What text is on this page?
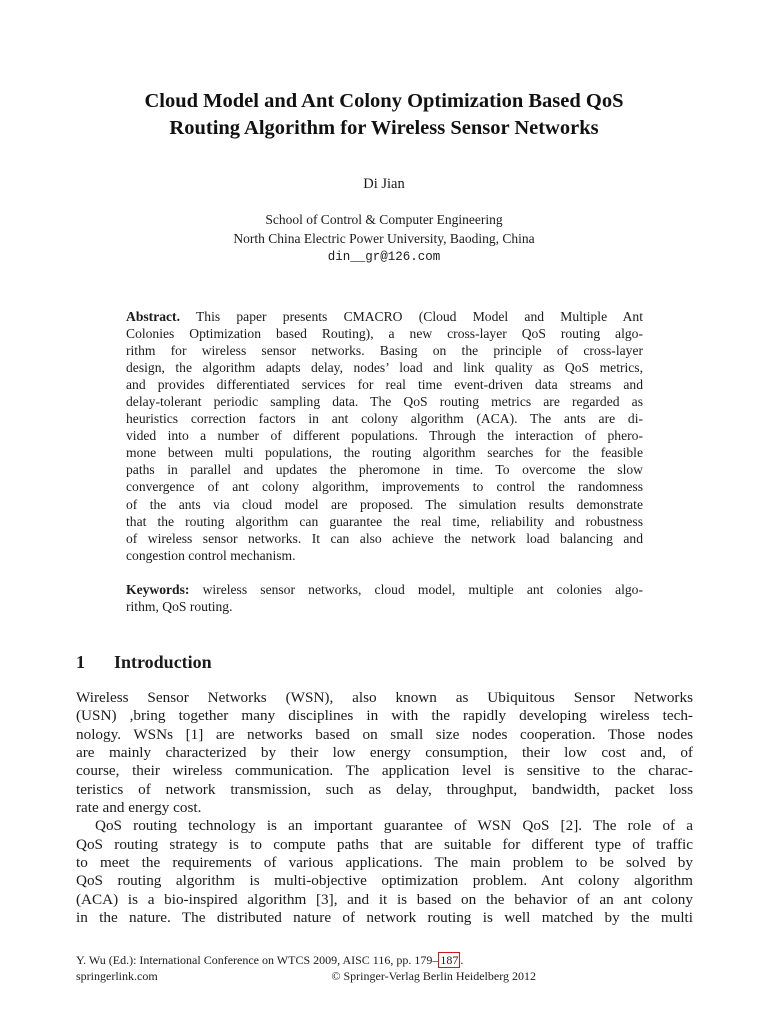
Cloud Model and Ant Colony Optimization Based QoS
Routing Algorithm for Wireless Sensor Networks
Di Jian
School of Control & Computer Engineering
North China Electric Power University, Baoding, China
din__gr@126.com
Abstract. This paper presents CMACRO (Cloud Model and Multiple Ant
Colonies Optimization based Routing), a new cross-layer QoS routing algo-
rithm for wireless sensor networks. Basing on the principle of cross-layer
design, the algorithm adapts delay, nodes’ load and link quality as QoS metrics,
and provides differentiated services for real time event-driven data streams and
delay-tolerant periodic sampling data. The QoS routing metrics are regarded as
heuristics correction factors in ant colony algorithm (ACA). The ants are di-
vided into a number of different populations. Through the interaction of phero-
mone between multi populations, the routing algorithm searches for the feasible
paths in parallel and updates the pheromone in time. To overcome the slow
convergence of ant colony algorithm, improvements to control the randomness
of the ants via cloud model are proposed. The simulation results demonstrate
that the routing algorithm can guarantee the real time, reliability and robustness
of wireless sensor networks. It can also achieve the network load balancing and
congestion control mechanism.
Keywords: wireless sensor networks, cloud model, multiple ant colonies algo-
rithm, QoS routing.
1 Introduction
Wireless Sensor Networks (WSN), also known as Ubiquitous Sensor Networks
(USN) ,bring together many disciplines in with the rapidly developing wireless tech-
nology. WSNs [1] are networks based on small size nodes cooperation. Those nodes
are mainly characterized by their low energy consumption, their low cost and, of
course, their wireless communication. The application level is sensitive to the charac-
teristics of network transmission, such as delay, throughput, bandwidth, packet loss
rate and energy cost.
QoS routing technology is an important guarantee of WSN QoS [2]. The role of a
QoS routing strategy is to compute paths that are suitable for different type of traffic
to meet the requirements of various applications. The main problem to be solved by
QoS routing algorithm is multi-objective optimization problem. Ant colony algorithm
(ACA) is a bio-inspired algorithm [3], and it is based on the behavior of an ant colony
in the nature. The distributed nature of network routing is well matched by the multi
Y. Wu (Ed.): International Conference on WTCS 2009, AISC 116, pp. 179– 187 .
springerlink.com	© Springer-Verlag Berlin Heidelberg 2012
